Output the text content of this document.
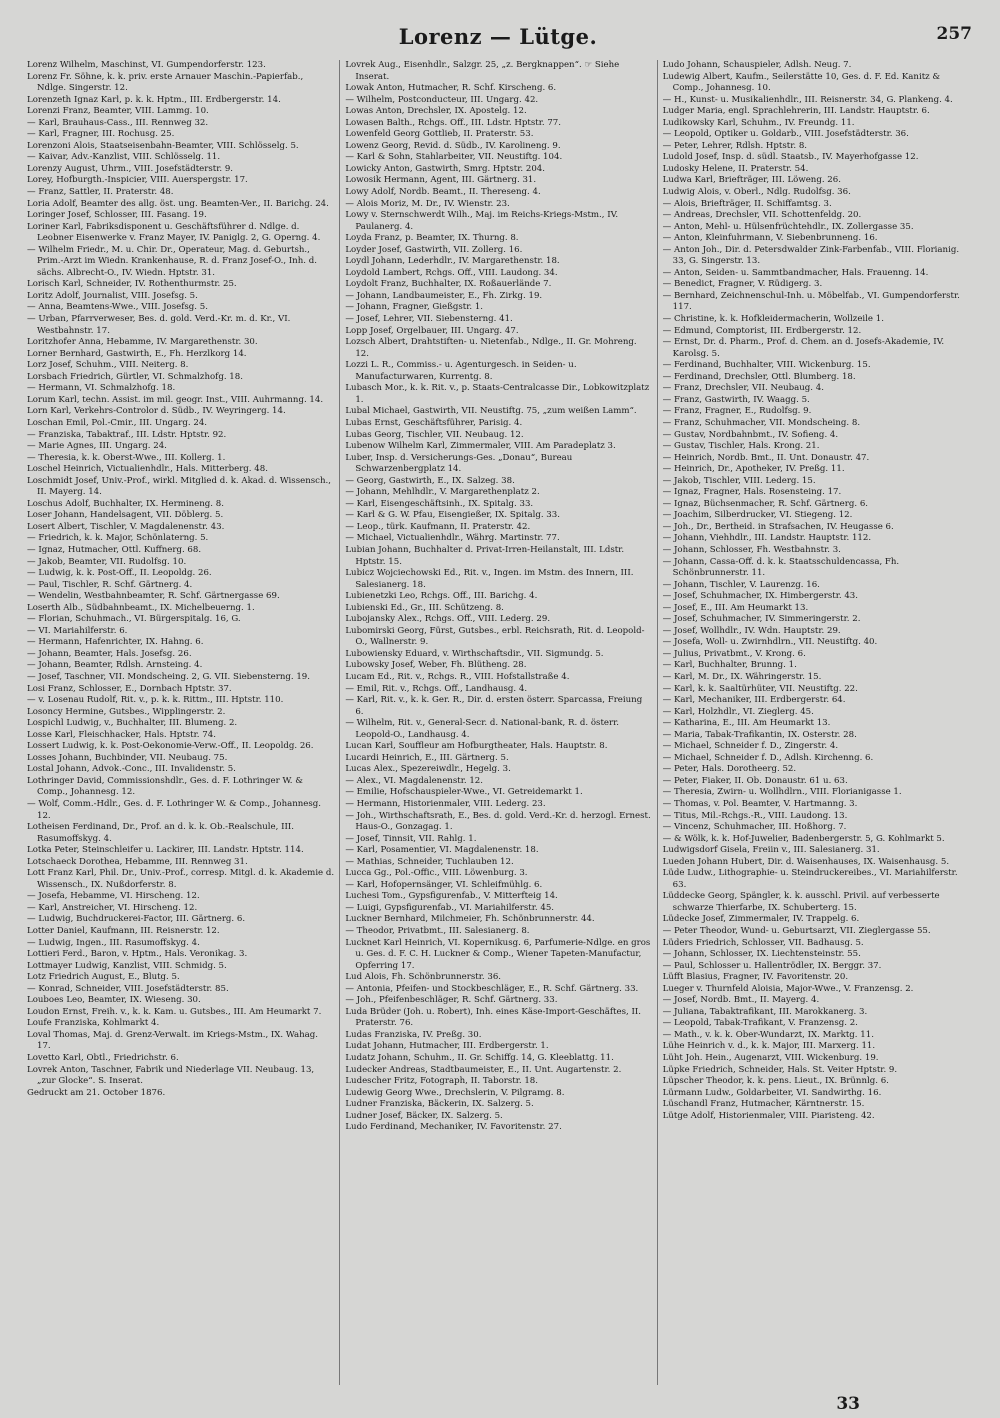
Lorenz — Lütge.	257

Lorenz Wilhelm, Maschinst, VI. Gumpendorferstr. 123.

Lorenz Fr. Söhne, k. k. priv. erste Arnauer Maschin.-Papierfab., Ndlge. Singerstr. 12.

Lorenzeth Ignaz Karl, p. k. k. Hptm., III. Erdbergerstr. 14.

Lorenzi Franz, Beamter, VIII. Lammg. 10.

— Karl, Brauhaus-Cass., III. Rennweg 32.

— Karl, Fragner, III. Rochusg. 25.

Lorenzoni Alois, Staatseisenbahn-Beamter, VIII. Schlösselg. 5.

— Kaivar, Adv.-Kanzlist, VIII. Schlösselg. 11.

Lorenzy August, Uhrm., VIII. Josefstädterstr. 9.

Lorey, Hofburgth.-Inspicier, VIII. Auerspergstr. 17.

— Franz, Sattler, II. Praterstr. 48.

Loria Adolf, Beamter des allg. öst. ung. Beamten-Ver., II. Barichg. 24.

Loringer Josef, Schlosser, III. Fasang. 19.

Loriner Karl, Fabriksdisponent u. Geschäftsführer d. Ndlge. d. Leobner Eisenwerke v. Franz Mayer, IV. Paniglg. 2, G. Operng. 4.

— Wilhelm Friedr., M. u. Chir. Dr., Operateur, Mag. d. Geburtsh., Prim.-Arzt im Wiedn. Krankenhause, R. d. Franz Josef-O., Inh. d. sächs. Albrecht-O., IV. Wiedn. Hptstr. 31.

Lorisch Karl, Schneider, IV. Rothenthurmstr. 25.

Loritz Adolf, Journalist, VIII. Josefsg. 5.

— Anna, Beamtens-Wwe., VIII. Josefsg. 5.

— Urban, Pfarrverweser, Bes. d. gold. Verd.-Kr. m. d. Kr., VI. Westbahnstr. 17.

Loritzhofer Anna, Hebamme, IV. Margarethenstr. 30.

Lorner Bernhard, Gastwirth, E., Fh. Herzlkorg 14.

Lorz Josef, Schuhm., VIII. Neiterg. 8.

Lorsbach Friedrich, Gürtler, VI. Schmalzhofg. 18.

— Hermann, VI. Schmalzhofg. 18.

Lorum Karl, techn. Assist. im mil. geogr. Inst., VIII. Auhrmanng. 14.

Lorn Karl, Verkehrs-Controlor d. Südb., IV. Weyringerg. 14.

Loschan Emil, Pol.-Cmir., III. Ungarg. 24.

— Franziska, Tabaktraf., III. Ldstr. Hptstr. 92.

— Marie Agnes, III. Ungarg. 24.

— Theresia, k. k. Oberst-Wwe., III. Kollerg. 1.

Loschel Heinrich, Victualienhdlr., Hals. Mitterberg. 48.

Loschmidt Josef, Univ.-Prof., wirkl. Mitglied d. k. Akad. d. Wissensch., II. Mayerg. 14.

Loschus Adolf, Buchhalter, IX. Hermineng. 8.

Loser Johann, Handelsagent, VII. Döblerg. 5.

Losert Albert, Tischler, V. Magdalenenstr. 43.

— Friedrich, k. k. Major, Schönlaterng. 5.

— Ignaz, Hutmacher, Ottl. Kuffnerg. 68.

— Jakob, Beamter, VII. Rudolfsg. 10.

— Ludwig, k. k. Post-Off., II. Leopoldg. 26.

— Paul, Tischler, R. Schf. Gärtnerg. 4.

— Wendelin, Westbahnbeamter, R. Schf. Gärtnergasse 69.

Loserth Alb., Südbahnbeamt., IX. Michelbeuerng. 1.

— Florian, Schuhmach., VI. Bürgerspitalg. 16, G.

— VI. Mariahilferstr. 6.

— Hermann, Hafenrichter, IX. Hahng. 6.

— Johann, Beamter, Hals. Josefsg. 26.

— Johann, Beamter, Rdlsh. Arnsteing. 4.

— Josef, Taschner, VII. Mondscheing. 2, G. VII. Siebensterng. 19.

Losi Franz, Schlosser, E., Dornbach Hptstr. 37.

— v. Losenau Rudolf, Rit. v., p. k. k. Rittm., III. Hptstr. 110.

Losoncy Hermine, Gutsbes., Wipplingerstr. 2.

Lospichl Ludwig, v., Buchhalter, III. Blumeng. 2.

Losse Karl, Fleischhacker, Hals. Hptstr. 74.

Lossert Ludwig, k. k. Post-Oekonomie-Verw.-Off., II. Leopoldg. 26.

Losses Johann, Buchbinder, VII. Neubaug. 75.

Lostal Johann, Advok.-Conc., III. Invalidenstr. 5.

Lothringer David, Commissionshdlr., Ges. d. F. Lothringer W. & Comp., Johannesg. 12.

— Wolf, Comm.-Hdlr., Ges. d. F. Lothringer W. & Comp., Johannesg. 12.

Lotheisen Ferdinand, Dr., Prof. an d. k. k. Ob.-Realschule, III. Rasumoffskyg. 4.

Lotka Peter, Steinschleifer u. Lackirer, III. Landstr. Hptstr. 114.

Lotschaeck Dorothea, Hebamme, III. Rennweg 31.

Lott Franz Karl, Phil. Dr., Univ.-Prof., corresp. Mitgl. d. k. Akademie d. Wissensch., IX. Nußdorferstr. 8.

— Josefa, Hebamme, VI. Hirscheng. 12.

— Karl, Anstreicher, VI. Hirscheng. 12.

— Ludwig, Buchdruckerei-Factor, III. Gärtnerg. 6.

Lotter Daniel, Kaufmann, III. Reisnerstr. 12.

— Ludwig, Ingen., III. Rasumoffskyg. 4.

Lottieri Ferd., Baron, v. Hptm., Hals. Veronikag. 3.

Lottmayer Ludwig, Kanzlist, VIII. Schmidg. 5.

Lotz Friedrich August, E., Blutg. 5.

— Konrad, Schneider, VIII. Josefstädterstr. 85.

Louboes Leo, Beamter, IX. Wieseng. 30.

Loudon Ernst, Freih. v., k. k. Kam. u. Gutsbes., III. Am Heumarkt 7.

Loufe Franziska, Kohlmarkt 4.

Loval Thomas, Maj. d. Grenz-Verwalt. im Kriegs-Mstm., IX. Wahag. 17.

Lovetto Karl, Obtl., Friedrichstr. 6.

Lovrek Anton, Taschner, Fabrik und Niederlage VII. Neubaug. 13, „zur Glocke“. S. Inserat.

Gedruckt am 21. October 1876.

Lovrek Aug., Eisenhdlr., Salzgr. 25, „z. Bergknappen“. ☞ Siehe Inserat.

Lowak Anton, Hutmacher, R. Schf. Kirscheng. 6.

— Wilhelm, Postconducteur, III. Ungarg. 42.

Lowas Anton, Drechsler, IX. Apostelg. 12.

Lowasen Balth., Rchgs. Off., III. Ldstr. Hptstr. 77.

Lowenfeld Georg Gottlieb, II. Praterstr. 53.

Lowenz Georg, Revid. d. Südb., IV. Karolineng. 9.

— Karl & Sohn, Stahlarbeiter, VII. Neustiftg. 104.

Lowicky Anton, Gastwirth, Smrg. Hptstr. 204.

Lowosik Hermann, Agent, III. Gärtnerg. 31.

Lowy Adolf, Nordb. Beamt., II. Thereseng. 4.

— Alois Moriz, M. Dr., IV. Wienstr. 23.

Lowy v. Sternschwerdt Wilh., Maj. im Reichs-Kriegs-Mstm., IV. Paulanerg. 4.

Loyda Franz, p. Beamter, IX. Thurng. 8.

Loyder Josef, Gastwirth, VII. Zollerg. 16.

Loydl Johann, Lederhdlr., IV. Margarethenstr. 18.

Loydold Lambert, Rchgs. Off., VIII. Laudong. 34.

Loydolt Franz, Buchhalter, IX. Roßauerlände 7.

— Johann, Landbaumeister, E., Fh. Zirkg. 19.

— Johann, Fragner, Gießgstr. 1.

— Josef, Lehrer, VII. Siebensterng. 41.

Lopp Josef, Orgelbauer, III. Ungarg. 47.

Lozsch Albert, Drahtstiften- u. Nietenfab., Ndlge., II. Gr. Mohreng. 12.

Lozzi L. R., Commiss.- u. Agenturgesch. in Seiden- u. Manufacturwaren, Kurrentg. 8.

Lubasch Mor., k. k. Rit. v., p. Staats-Centralcasse Dir., Lobkowitzplatz 1.

Lubal Michael, Gastwirth, VII. Neustiftg. 75, „zum weißen Lamm“.

Lubas Ernst, Geschäftsführer, Parisig. 4.

Lubas Georg, Tischler, VII. Neubaug. 12.

Lubenow Wilhelm Karl, Zimmermaler, VIII. Am Paradeplatz 3.

Luber, Insp. d. Versicherungs-Ges. „Donau“, Bureau Schwarzenbergplatz 14.

— Georg, Gastwirth, E., IX. Salzeg. 38.

— Johann, Mehlhdlr., V. Margarethenplatz 2.

— Karl, Eisengeschäftsinh., IX. Spitalg. 33.

— Karl & G. W. Pfau, Eisengießer, IX. Spitalg. 33.

— Leop., türk. Kaufmann, II. Praterstr. 42.

— Michael, Victualienhdlr., Währg. Martinstr. 77.

Lubian Johann, Buchhalter d. Privat-Irren-Heilanstalt, III. Ldstr. Hptstr. 15.

Lubicz Wojciechowski Ed., Rit. v., Ingen. im Mstm. des Innern, III. Salesianerg. 18.

Lubienetzki Leo, Rchgs. Off., III. Barichg. 4.

Lubienski Ed., Gr., III. Schützeng. 8.

Lubojansky Alex., Rchgs. Off., VIII. Lederg. 29.

Lubomirski Georg, Fürst, Gutsbes., erbl. Reichsrath, Rit. d. Leopold-O., Wallnerstr. 9.

Lubowiensky Eduard, v. Wirthschaftsdir., VII. Sigmundg. 5.

Lubowsky Josef, Weber, Fh. Blütheng. 28.

Lucam Ed., Rit. v., Rchgs. R., VIII. Hofstallstraße 4.

— Emil, Rit. v., Rchgs. Off., Landhausg. 4.

— Karl, Rit. v., k. k. Ger. R., Dir. d. ersten österr. Sparcassa, Freiung 6.

— Wilhelm, Rit. v., General-Secr. d. National-bank, R. d. österr. Leopold-O., Landhausg. 4.

Lucan Karl, Souffleur am Hofburgtheater, Hals. Hauptstr. 8.

Lucardi Heinrich, E., III. Gärtnerg. 5.

Lucas Alex., Spezereiwdlr., Hegelg. 3.

— Alex., VI. Magdalenenstr. 12.

— Emilie, Hofschauspieler-Wwe., VI. Getreidemarkt 1.

— Hermann, Historienmaler, VIII. Lederg. 23.

— Joh., Wirthschaftsrath, E., Bes. d. gold. Verd.-Kr. d. herzogl. Ernest. Haus-O., Gonzagag. 1.

— Josef, Tinnsit, VII. Rahlg. 1.

— Karl, Posamentier, VI. Magdalenenstr. 18.

— Mathias, Schneider, Tuchlauben 12.

Lucca Gg., Pol.-Offic., VIII. Löwenburg. 3.

— Karl, Hofopernsänger, VI. Schleifmühlg. 6.

Luchesi Tom., Gypsfigurenfab., V. Mitterfteig 14.

— Luigi, Gypsfigurenfab., VI. Mariahilferstr. 45.

Luckner Bernhard, Milchmeier, Fh. Schönbrunnerstr. 44.

— Theodor, Privatbmt., III. Salesianerg. 8.

Lucknet Karl Heinrich, VI. Kopernikusg. 6, Parfumerie-Ndlge. en gros u. Ges. d. F. C. H. Luckner & Comp., Wiener Tapeten-Manufactur, Opferring 17.

Lud Alois, Fh. Schönbrunnerstr. 36.

— Antonia, Pfeifen- und Stockbeschläger, E., R. Schf. Gärtnerg. 33.

— Joh., Pfeifenbeschläger, R. Schf. Gärtnerg. 33.

Luda Brüder (Joh. u. Robert), Inh. eines Käse-Import-Geschäftes, II. Praterstr. 76.

Ludas Franziska, IV. Preßg. 30.

Ludat Johann, Hutmacher, III. Erdbergerstr. 1.

Ludatz Johann, Schuhm., II. Gr. Schiffg. 14, G. Kleeblattg. 11.

Ludecker Andreas, Stadtbaumeister, E., II. Unt. Augartenstr. 2.

Ludescher Fritz, Fotograph, II. Taborstr. 18.

Ludewig Georg Wwe., Drechslerin, V. Pilgramg. 8.

Ludner Franziska, Bäckerin, IX. Salzerg. 5.

Ludner Josef, Bäcker, IX. Salzerg. 5.

Ludo Ferdinand, Mechaniker, IV. Favoritenstr. 27.

Ludo Johann, Schauspieler, Adlsh. Neug. 7.

Ludewig Albert, Kaufm., Seilerstätte 10, Ges. d. F. Ed. Kanitz & Comp., Johannesg. 10.

— H., Kunst- u. Musikalienhdlr., III. Reisnerstr. 34, G. Plankeng. 4.

Ludger Maria, engl. Sprachlehrerin, III. Landstr. Hauptstr. 6.

Ludikowsky Karl, Schuhm., IV. Freundg. 11.

— Leopold, Optiker u. Goldarb., VIII. Josefstädterstr. 36.

— Peter, Lehrer, Rdlsh. Hptstr. 8.

Ludold Josef, Insp. d. südl. Staatsb., IV. Mayerhofgasse 12.

Ludosky Helene, II. Praterstr. 54.

Ludwa Karl, Briefträger, III. Löweng. 26.

Ludwig Alois, v. Oberl., Ndlg. Rudolfsg. 36.

— Alois, Briefträger, II. Schiffamtsg. 3.

— Andreas, Drechsler, VII. Schottenfeldg. 20.

— Anton, Mehl- u. Hülsenfrüchtehdlr., IX. Zollergasse 35.

— Anton, Kleinfuhrmann, V. Siebenbrunneng. 16.

— Anton Joh., Dir. d. Petersdwalder Zink-Farbenfab., VIII. Florianig. 33, G. Singerstr. 13.

— Anton, Seiden- u. Sammtbandmacher, Hals. Frauenng. 14.

— Benedict, Fragner, V. Rüdigerg. 3.

— Bernhard, Zeichnenschul-Inh. u. Möbelfab., VI. Gumpendorferstr. 117.

— Christine, k. k. Hofkleidermacherin, Wollzeile 1.

— Edmund, Comptorist, III. Erdbergerstr. 12.

— Ernst, Dr. d. Pharm., Prof. d. Chem. an d. Josefs-Akademie, IV. Karolsg. 5.

— Ferdinand, Buchhalter, VIII. Wickenburg. 15.

— Ferdinand, Drechsler, Ottl. Blumberg. 18.

— Franz, Drechsler, VII. Neubaug. 4.

— Franz, Gastwirth, IV. Waagg. 5.

— Franz, Fragner, E., Rudolfsg. 9.

— Franz, Schuhmacher, VII. Mondscheing. 8.

— Gustav, Nordbahnbmt., IV. Sofieng. 4.

— Gustav, Tischler, Hals. Krong. 21.

— Heinrich, Nordb. Bmt., II. Unt. Donaustr. 47.

— Heinrich, Dr., Apotheker, IV. Preßg. 11.

— Jakob, Tischler, VIII. Lederg. 15.

— Ignaz, Fragner, Hals. Rosensteing. 17.

— Ignaz, Büchsenmacher, R. Schf. Gärtnerg. 6.

— Joachim, Silberdrucker, VI. Stiegeng. 12.

— Joh., Dr., Bertheid. in Strafsachen, IV. Heugasse 6.

— Johann, Viehhdlr., III. Landstr. Hauptstr. 112.

— Johann, Schlosser, Fh. Westbahnstr. 3.

— Johann, Cassa-Off. d. k. k. Staatsschuldencassa, Fh. Schönbrunnerstr. 11.

— Johann, Tischler, V. Laurenzg. 16.

— Josef, Schuhmacher, IX. Himbergerstr. 43.

— Josef, E., III. Am Heumarkt 13.

— Josef, Schuhmacher, IV. Simmeringerstr. 2.

— Josef, Wollhdlr., IV. Wdn. Hauptstr. 29.

— Josefa, Woll- u. Zwirnhdlrn., VII. Neustiftg. 40.

— Julius, Privatbmt., V. Krong. 6.

— Karl, Buchhalter, Brunng. 1.

— Karl, M. Dr., IX. Währingerstr. 15.

— Karl, k. k. Saaltürhüter, VII. Neustiftg. 22.

— Karl, Mechaniker, III. Erdbergerstr. 64.

— Karl, Holzhdlr., VI. Zieglerg. 45.

— Katharina, E., III. Am Heumarkt 13.

— Maria, Tabak-Trafikantin, IX. Osterstr. 28.

— Michael, Schneider f. D., Zingerstr. 4.

— Michael, Schneider f. D., Adlsh. Kirchenng. 6.

— Peter, Hals. Dorotheerg. 52.

— Peter, Fiaker, II. Ob. Donaustr. 61 u. 63.

— Theresia, Zwirn- u. Wollhdlrn., VIII. Florianigasse 1.

— Thomas, v. Pol. Beamter, V. Hartmanng. 3.

— Titus, Mil.-Rchgs.-R., VIII. Laudong. 13.

— Vincenz, Schuhmacher, III. Hoßhorg. 7.

— & Wölk, k. k. Hof-Juwelier, Badenbergerstr. 5, G. Kohlmarkt 5.

Ludwigsdorf Gisela, Freiin v., III. Salesianerg. 31.

Lueden Johann Hubert, Dir. d. Waisenhauses, IX. Waisenhausg. 5.

Lüde Ludw., Lithographie- u. Steindruckereibes., VI. Mariahilferstr. 63.

Lüddecke Georg, Spängler, k. k. ausschl. Privil. auf verbesserte schwarze Thierfarbe, IX. Schuberterg. 15.

Lüdecke Josef, Zimmermaler, IV. Trappelg. 6.

— Peter Theodor, Wund- u. Geburtsarzt, VII. Zieglergasse 55.

Lüders Friedrich, Schlosser, VII. Badhausg. 5.

— Johann, Schlosser, IX. Liechtensteinstr. 55.

— Paul, Schlosser u. Hallentrödler, IX. Berggr. 37.

Lüfft Blasius, Fragner, IV. Favoritenstr. 20.

Lueger v. Thurnfeld Aloisia, Major-Wwe., V. Franzensg. 2.

— Josef, Nordb. Bmt., II. Mayerg. 4.

— Juliana, Tabaktrafikant, III. Marokkanerg. 3.

— Leopold, Tabak-Trafikant, V. Franzensg. 2.

— Math., v. k. k. Ober-Wundarzt, IX. Marktg. 11.

Lühe Heinrich v. d., k. k. Major, III. Marxerg. 11.

Lüht Joh. Hein., Augenarzt, VIII. Wickenburg. 19.

Lüpke Friedrich, Schneider, Hals. St. Veiter Hptstr. 9.

Lüpscher Theodor, k. k. pens. Lieut., IX. Brünnlg. 6.

Lürmann Ludw., Goldarbeiter, VI. Sandwirthg. 16.

Lüschandl Franz, Hutmacher, Kärntnerstr. 15.

Lütge Adolf, Historienmaler, VIII. Piaristeng. 42.

33
